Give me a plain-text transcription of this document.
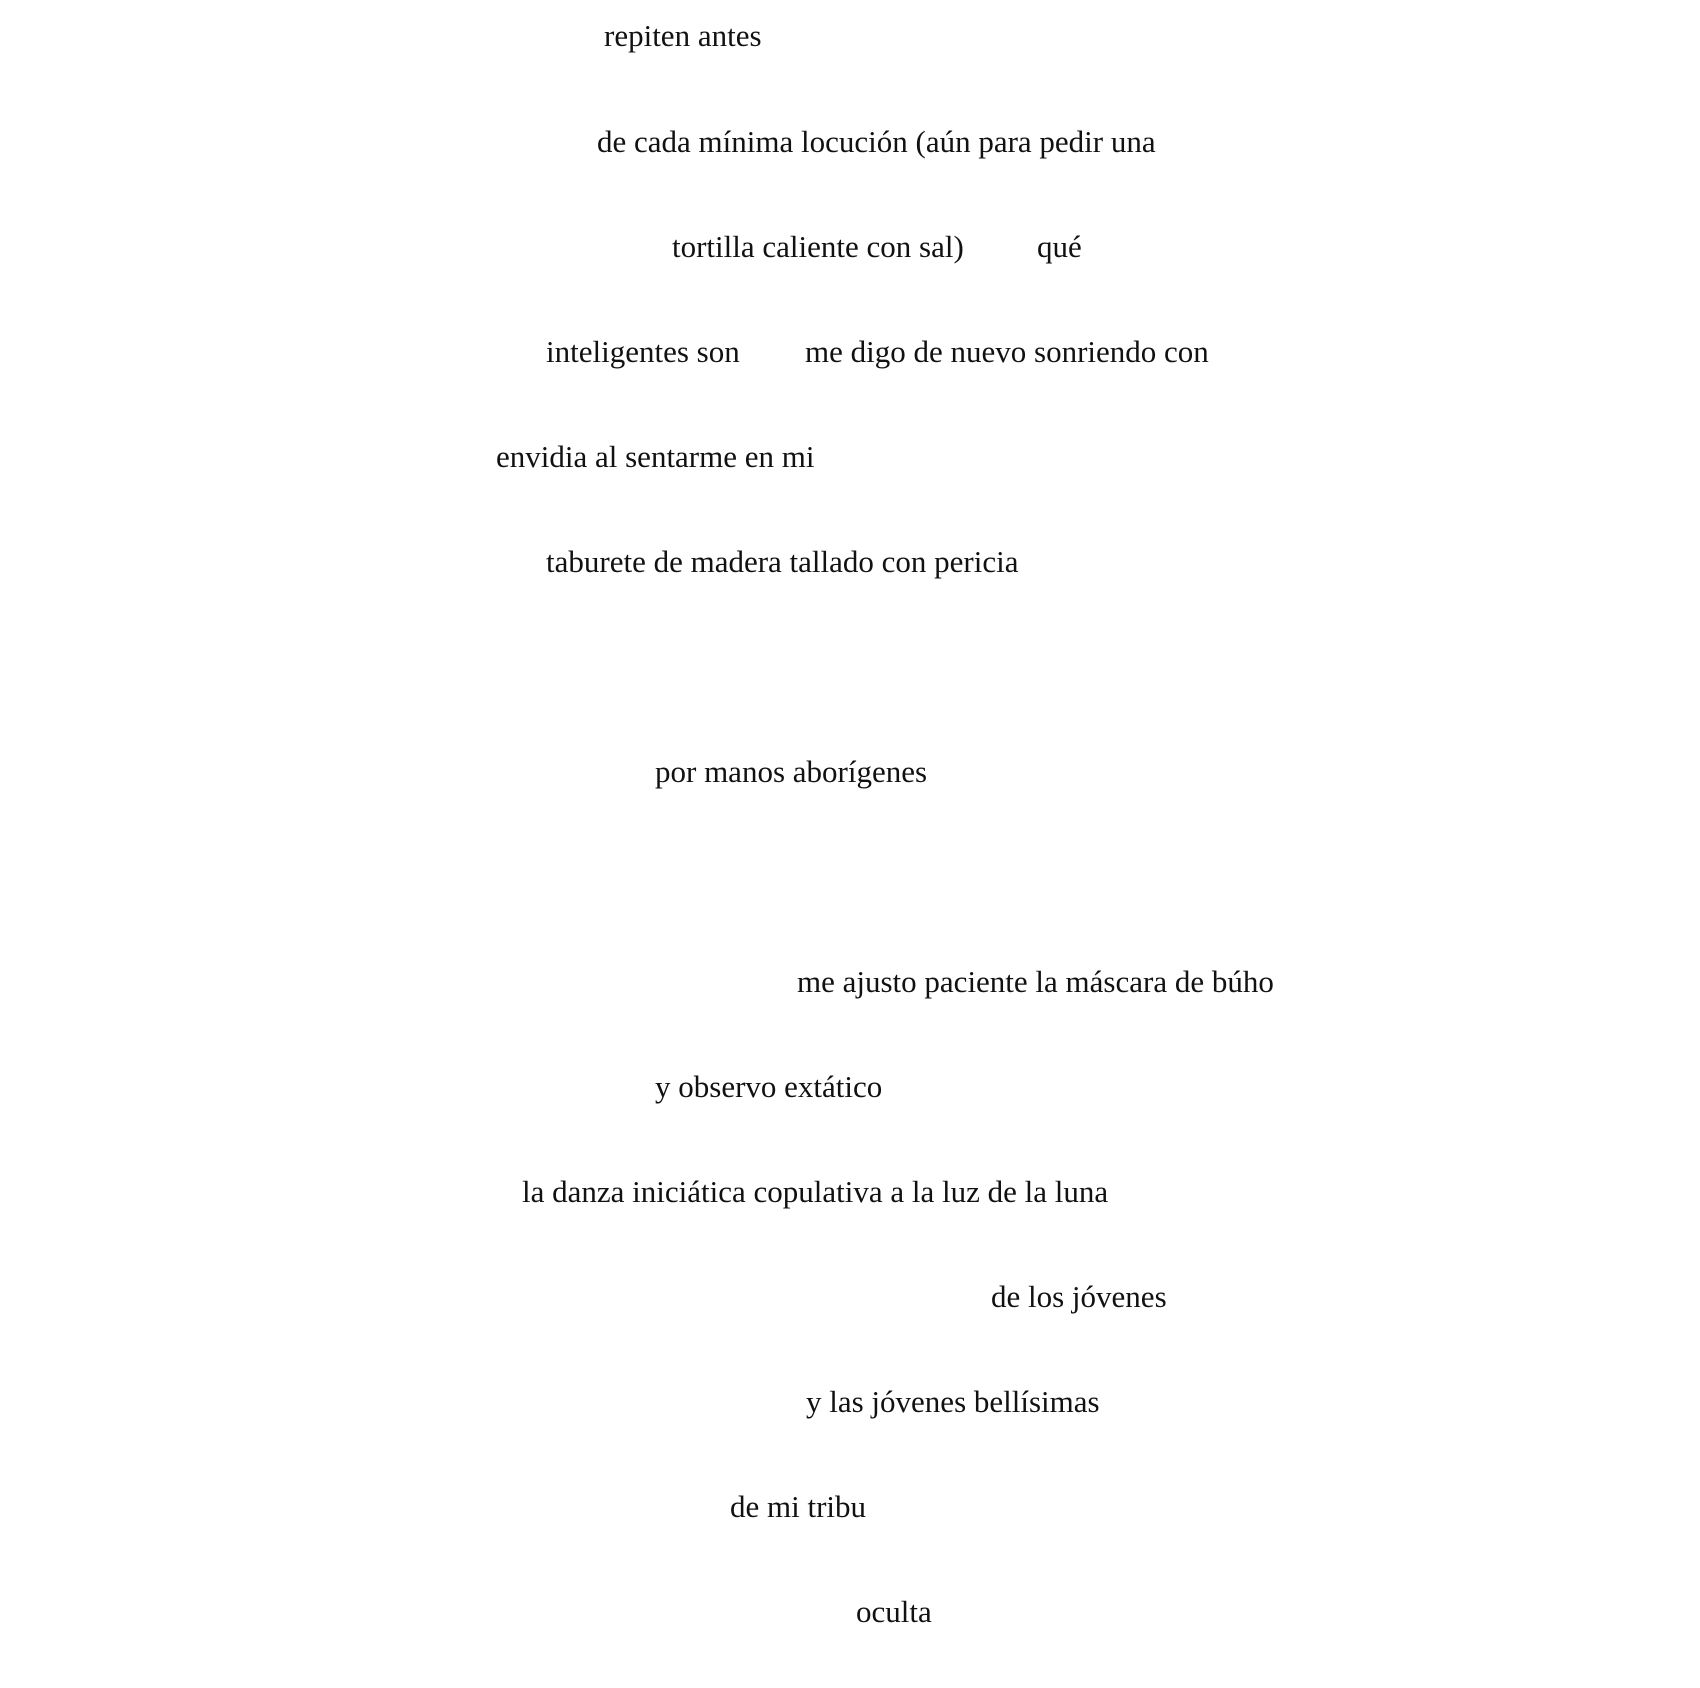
repiten antes

de cada mínima locución (aún para pedir una

tortilla caliente con sal) qué

inteligentes son me digo de nuevo sonriendo con

envidia al sentarme en mi

taburete de madera tallado con pericia

por manos aborígenes

me ajusto paciente la máscara de búho

y observo extático

la danza iniciática copulativa a la luz de la luna

de los jóvenes

y las jóvenes bellísimas

de mi tribu

oculta
